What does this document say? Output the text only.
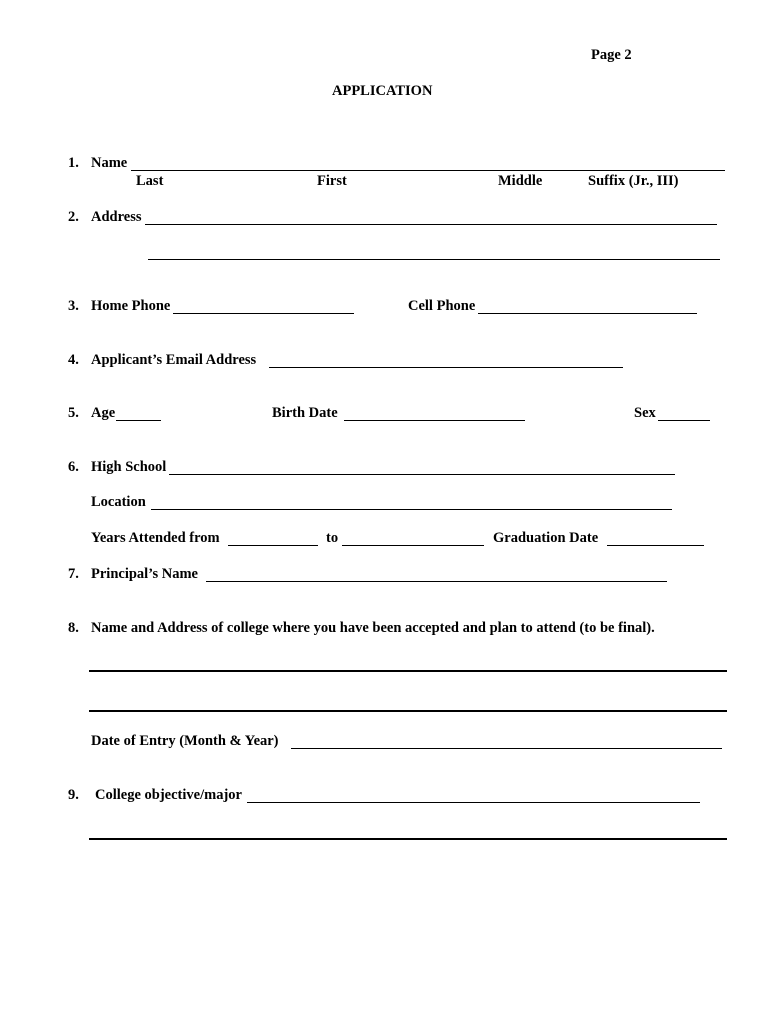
Page 2
APPLICATION
1. Name
Last	First	Middle	Suffix (Jr., III)
2. Address
3. Home Phone	Cell Phone
4. Applicant’s Email Address
5. Age	Birth Date	Sex
6. High School
Location
Years Attended from	to	Graduation Date
7. Principal’s Name
8. Name and Address of college where you have been accepted and plan to attend (to be final).
Date of Entry (Month & Year)
9. College objective/major
